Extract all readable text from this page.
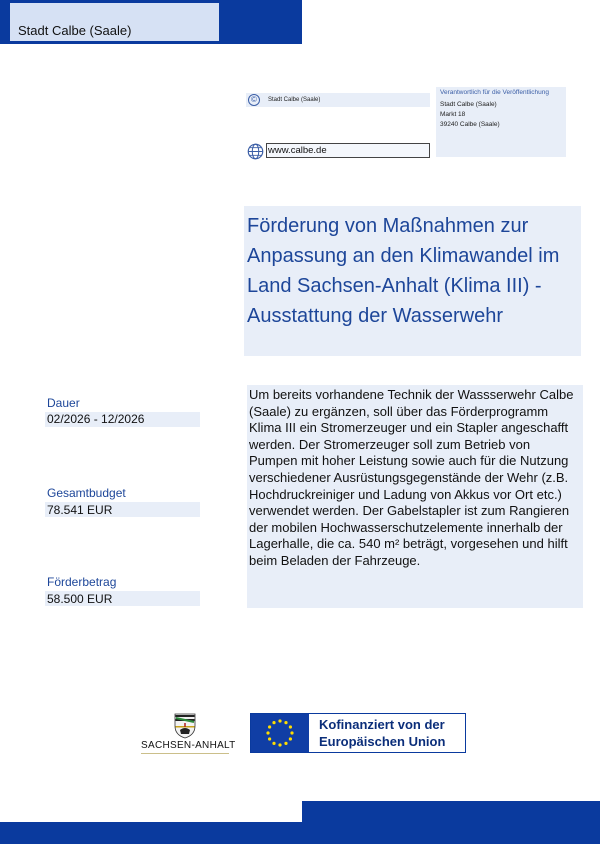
Stadt Calbe (Saale)
©	Stadt Calbe (Saale)
Verantwortlich für die Veröffentlichung
Stadt Calbe (Saale)
Markt 18
39240 Calbe (Saale)
www.calbe.de
Förderung von Maßnahmen zur Anpassung an den Klimawandel im Land Sachsen-Anhalt (Klima III) - Ausstattung der Wasserwehr
Dauer
02/2026 - 12/2026
Gesamtbudget
78.541 EUR
Förderbetrag
58.500 EUR
Um bereits vorhandene Technik der Wassserwehr Calbe (Saale) zu ergänzen, soll über das Förderprogramm Klima III ein Stromerzeuger und ein Stapler angeschafft werden. Der Stromerzeuger soll zum Betrieb von Pumpen mit hoher Leistung sowie auch für die Nutzung verschiedener Ausrüstungsgegenstände der Wehr (z.B. Hochdruckreiniger und Ladung von Akkus vor Ort etc.) verwendet werden. Der Gabelstapler ist zum Rangieren der mobilen Hochwasserschutzelemente innerhalb der Lagerhalle, die ca. 540 m² beträgt, vorgesehen und hilft beim Beladen der Fahrzeuge.
SACHSEN-ANHALT
Kofinanziert von der
Europäischen Union
